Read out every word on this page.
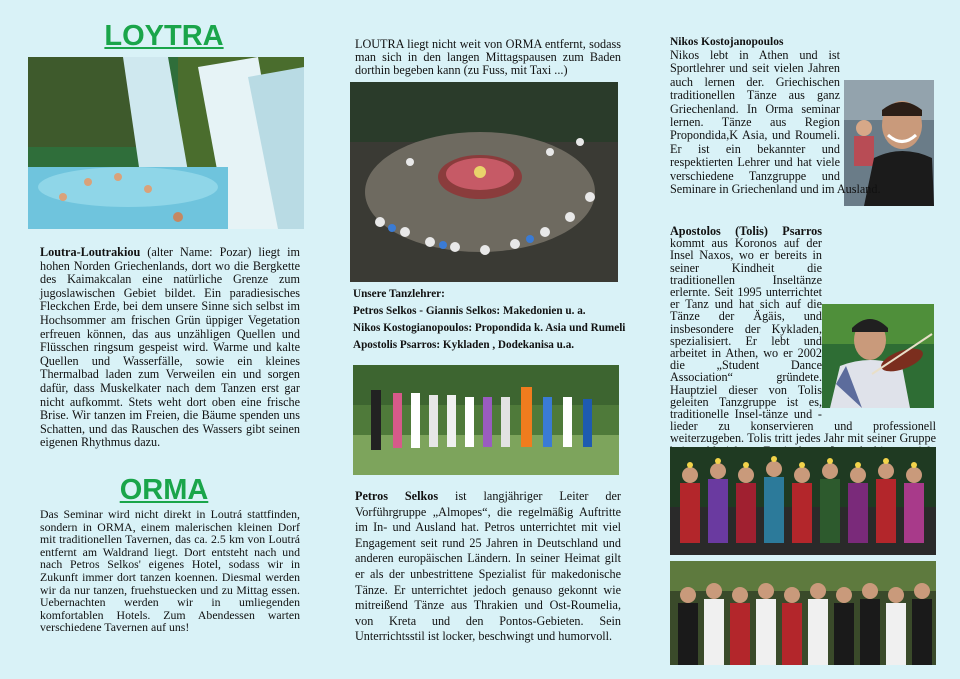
LOYTRA

Loutra-Loutrakiou (alter Name: Pozar) liegt im hohen Norden Griechenlands, dort wo die Bergkette des Kaimakcalan eine natürliche Grenze zum jugoslawischen Gebiet bildet. Ein paradiesisches Fleckchen Erde, bei dem unsere Sinne sich selbst im Hochsommer am frischen Grün üppiger Vegetation erfreuen können, das aus unzähligen Quellen und Flüsschen ringsum gespeist wird. Warme und kalte Quellen und Wasserfälle, sowie ein kleines Thermalbad laden zum Verweilen ein und sorgen dafür, dass Muskelkater nach dem Tanzen erst gar nicht aufkommt. Stets weht dort oben eine frische Brise. Wir tanzen im Freien, die Bäume spenden uns Schatten, und das Rauschen des Wassers gibt seinen eigenen Rhythmus dazu.

ORMA
Das Seminar wird nicht direkt in Loutrá stattfinden, sondern in ORMA, einem malerischen kleinen Dorf mit traditionellen Tavernen, das ca. 2.5 km von Loutrá entfernt am Waldrand liegt. Dort entsteht nach und nach Petros Selkos' eigenes Hotel, sodass wir in Zukunft immer dort tanzen koennen. Diesmal werden wir da nur tanzen, fruehstuecken und zu Mittag essen. Uebernachten werden wir in umliegenden komfortablen Hotels. Zum Abendessen warten verschiedene Tavernen auf uns!
LOUTRA liegt nicht weit von ORMA entfernt, sodass man sich in den langen Mittagspausen zum Baden dorthin begeben kann (zu Fuss, mit Taxi ...)
Unsere Tanzlehrer:
Petros Selkos - Giannis Selkos: Makedonien u. a.
Nikos Kostogianopoulos: Propondida k. Asia und Rumeli
Apostolis Psarros: Kykladen , Dodekanisa u.a.

Petros Selkos ist langjähriger Leiter der Vorführgruppe „Almopes“, die regelmäßig Auftritte im In- und Ausland hat. Petros unterrichtet mit viel Engagement seit rund 25 Jahren in Deutschland und anderen europäischen Ländern. In seiner Heimat gilt er als der unbestrittene Spezialist für makedonische Tänze. Er unterrichtet jedoch genauso gekonnt wie mitreißend Tänze aus Thrakien und Ost-Roumelia, von Kreta und den Pontos-Gebieten. Sein Unterrichtsstil ist locker, beschwingt und humorvoll.

Nikos Kostojanopoulos
Nikos lebt in Athen und ist Sportlehrer und seit vielen Jahren auch lernen der. Griechischen traditionellen Tänze aus ganz Griechenland. In Orma seminar lernen. Tänze aus Region Propondida,K Asia, und Roumeli. Er ist ein bekannter und respektierten Lehrer und hat viele verschiedene Tanzgruppe und Seminare in Griechenland und im Ausland.
Apostolos (Tolis) Psarros kommt aus Koronos auf der Insel Naxos, wo er bereits in seiner Kindheit die traditionellen Inseltänze erlernte. Seit 1995 unterrichtet er Tanz und hat sich auf die Tänze der Ägäis, und insbesondere der Kykladen, spezialisiert. Er lebt und arbeitet in Athen, wo er 2002 die „Student Dance Association“ gründete. Hauptziel dieser von Tolis geleiten Tanzgruppe ist es, traditionelle Insel-tänze und -lieder zu konservieren und professionell weiterzugeben. Tolis tritt jedes Jahr mit seiner Gruppe
